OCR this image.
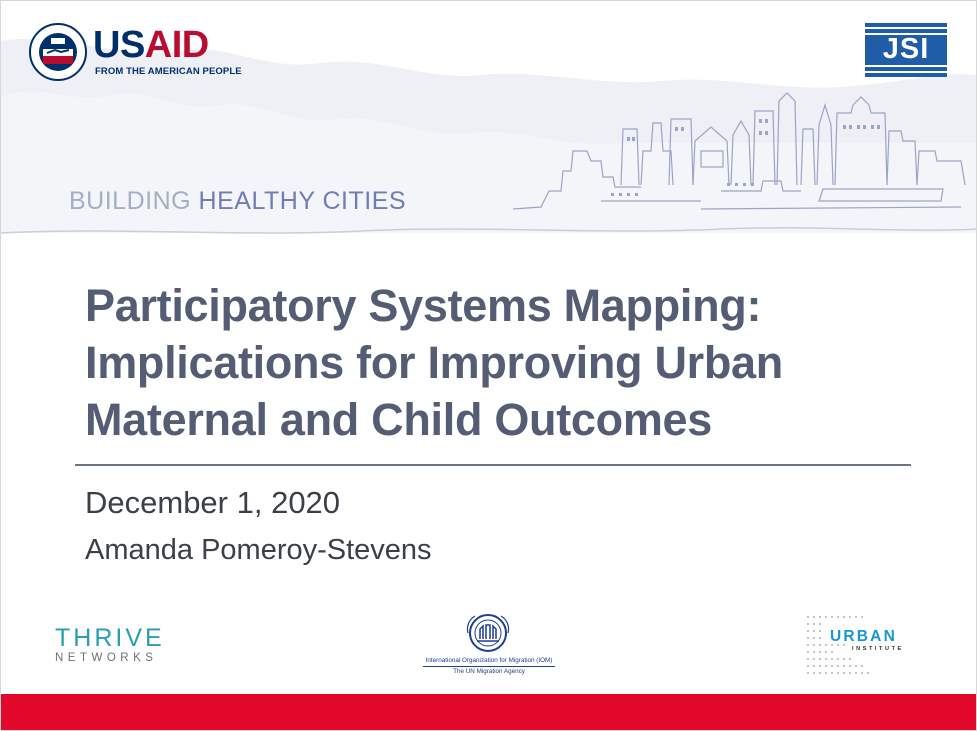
USAID
FROM THE AMERICAN PEOPLE
JSI
BUILDING HEALTHY CITIES
Participatory Systems Mapping: Implications for Improving Urban Maternal and Child Outcomes
December 1, 2020
Amanda Pomeroy-Stevens
THRIVE
NETWORKS	International Organization for Migration (IOM)
The UN Migration Agency
URBAN
INSTITUTE
